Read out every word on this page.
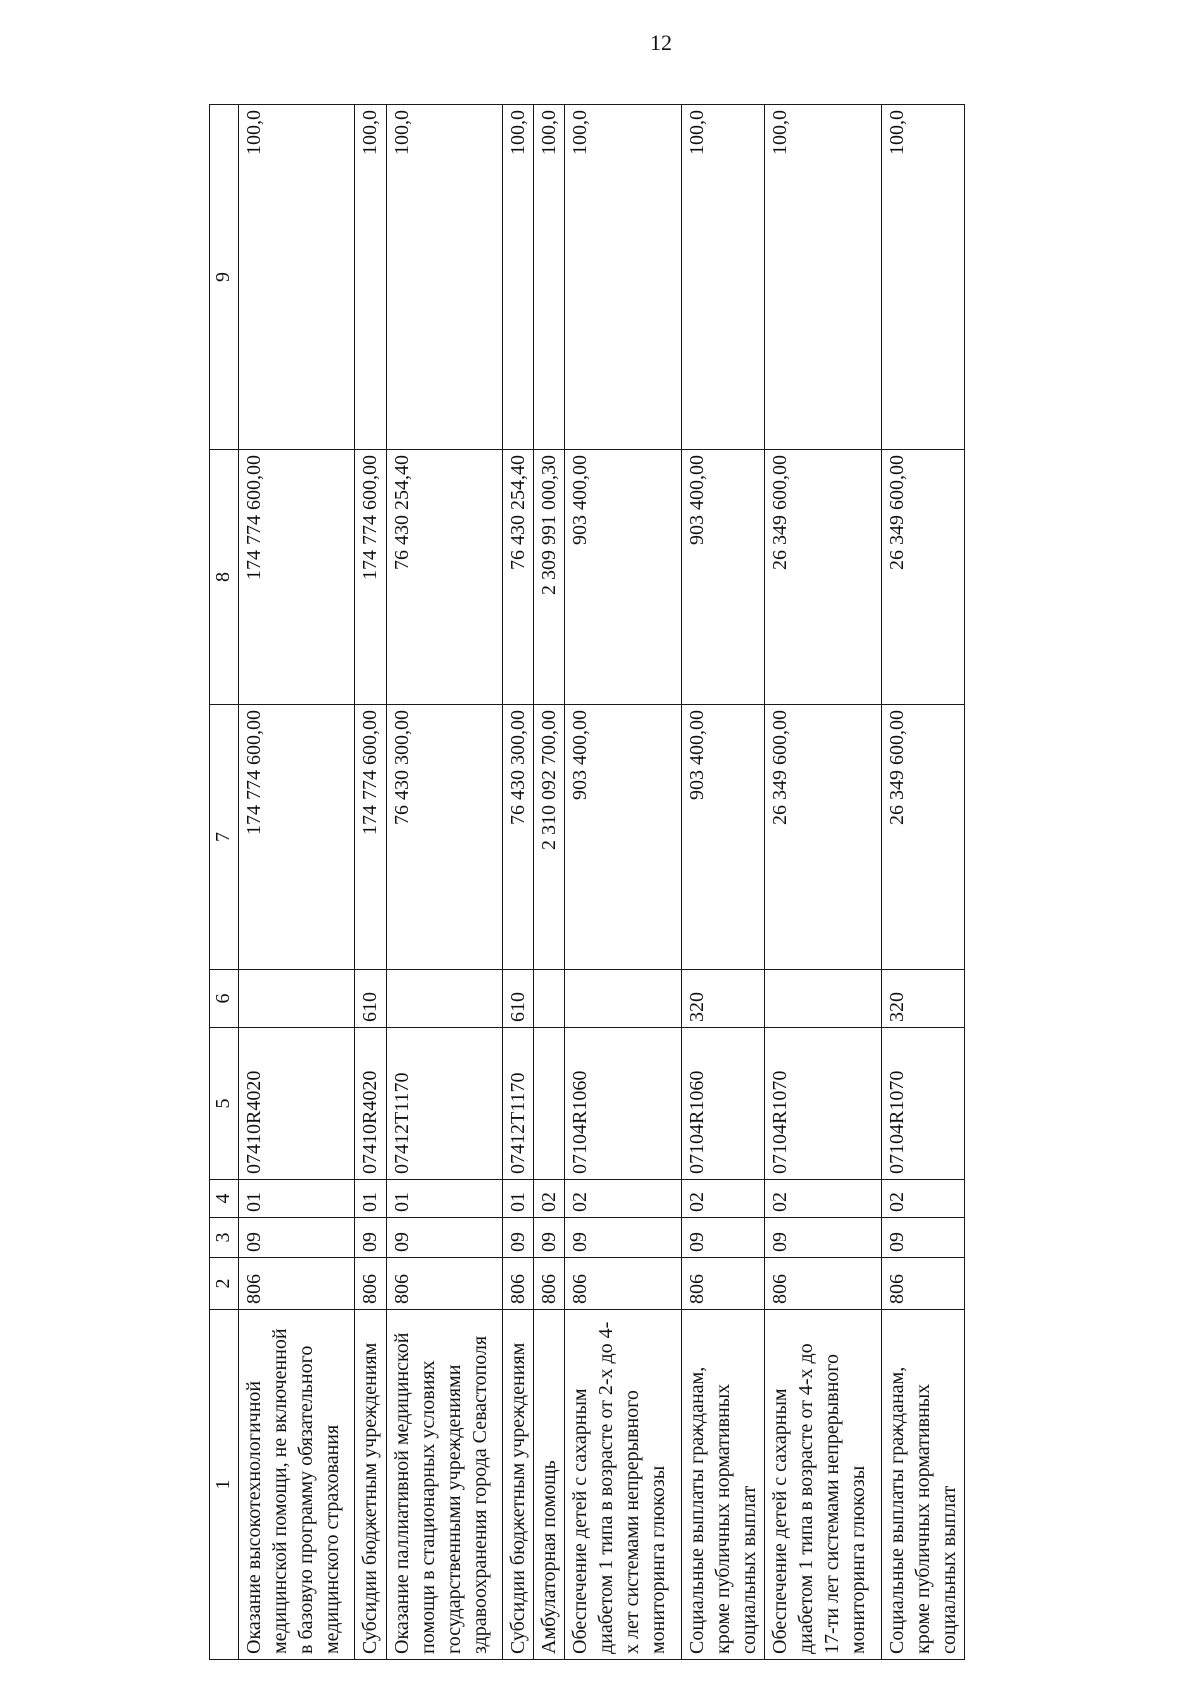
12
1	2	3	4	5	6	7	8	9
Оказание высокотехнологичной медицинской помощи, не включенной в базовую программу обязательного медицинского страхования	806	09	01	07410R4020		174 774 600,00	174 774 600,00	100,0
Субсидии бюджетным учреждениям	806	09	01	07410R4020	610	174 774 600,00	174 774 600,00	100,0
Оказание паллиативной медицинской помощи в стационарных условиях государственными учреждениями здравоохранения города Севастополя	806	09	01	07412Т1170		76 430 300,00	76 430 254,40	100,0
Субсидии бюджетным учреждениям	806	09	01	07412Т1170	610	76 430 300,00	76 430 254,40	100,0
Амбулаторная помощь	806	09	02			2 310 092 700,00	2 309 991 000,30	100,0
Обеспечение детей с сахарным диабетом 1 типа в возрасте от 2-х до 4-х лет системами непрерывного мониторинга глюкозы	806	09	02	07104R1060		903 400,00	903 400,00	100,0
Социальные выплаты гражданам, кроме публичных нормативных социальных выплат	806	09	02	07104R1060	320	903 400,00	903 400,00	100,0
Обеспечение детей с сахарным диабетом 1 типа в возрасте от 4-х до 17-ти лет системами непрерывного мониторинга глюкозы	806	09	02	07104R1070		26 349 600,00	26 349 600,00	100,0
Социальные выплаты гражданам, кроме публичных нормативных социальных выплат	806	09	02	07104R1070	320	26 349 600,00	26 349 600,00	100,0
